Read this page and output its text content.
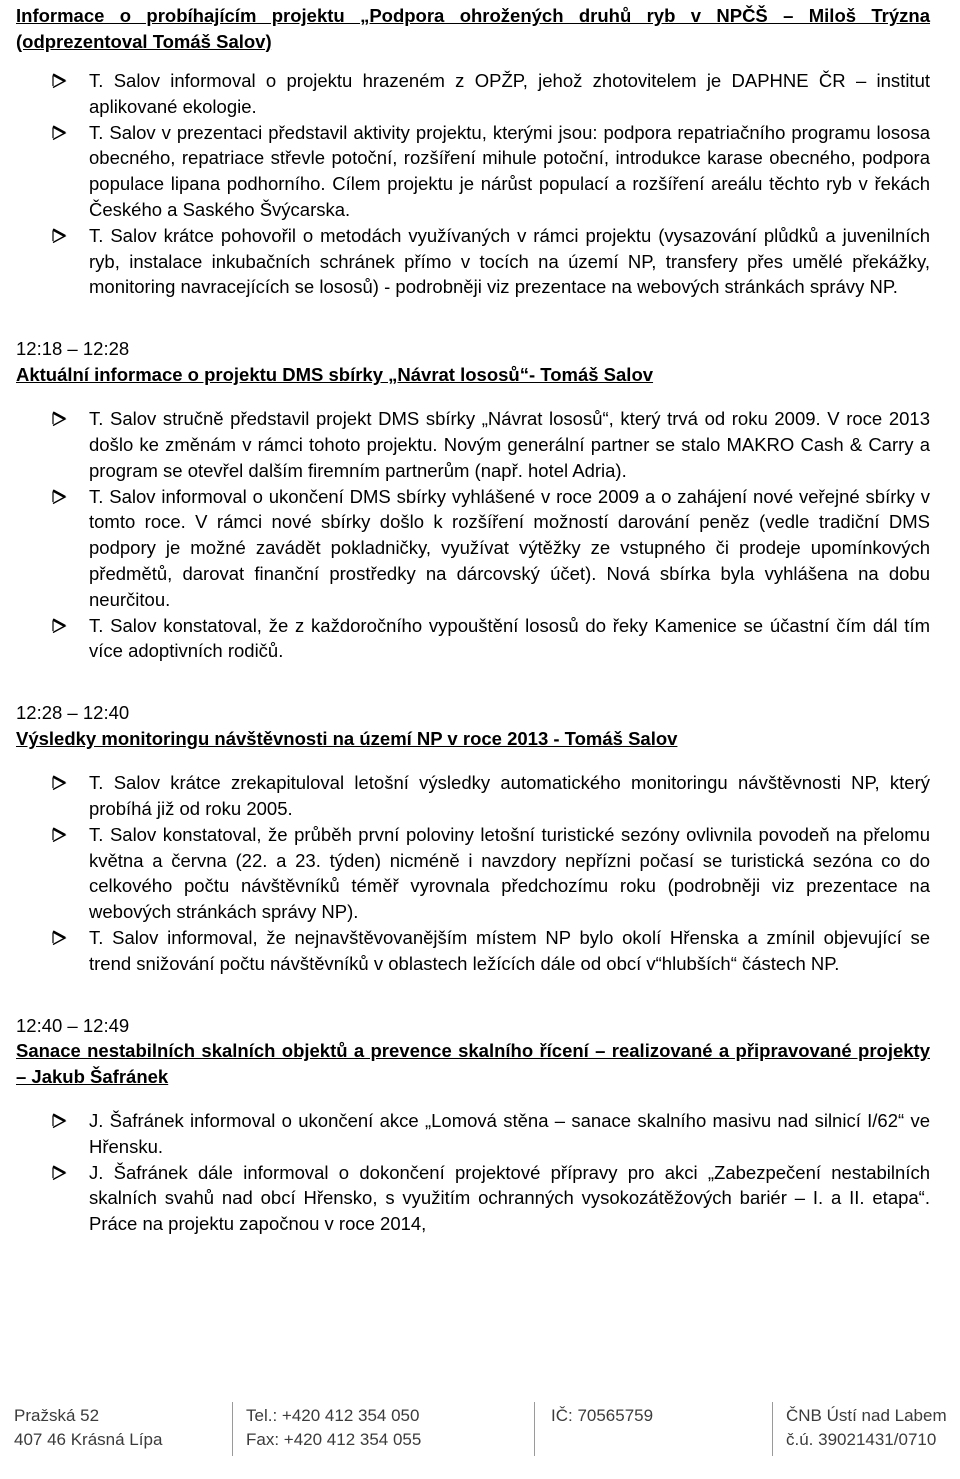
Informace o probíhajícím projektu „Podpora ohrožených druhů ryb v NPČŠ – Miloš Trýzna (odprezentoval Tomáš Salov)
T. Salov informoval o projektu hrazeném z OPŽP, jehož zhotovitelem je DAPHNE ČR – institut aplikované ekologie.
T. Salov v prezentaci představil aktivity projektu, kterými jsou: podpora repatriačního programu lososa obecného, repatriace střevle potoční, rozšíření mihule potoční, introdukce karase obecného, podpora populace lipana podhorního. Cílem projektu je nárůst populací a rozšíření areálu těchto ryb v řekách Českého a Saského Švýcarska.
T. Salov krátce pohovořil o metodách využívaných v rámci projektu (vysazování plůdků a juvenilních ryb, instalace inkubačních schránek přímo v tocích na území NP, transfery přes umělé překážky, monitoring navracejících se lososů) - podrobněji viz prezentace na webových stránkách správy NP.
12:18 – 12:28
Aktuální informace o projektu DMS sbírky „Návrat lososů“- Tomáš Salov
T. Salov stručně představil projekt DMS sbírky „Návrat lososů“, který trvá od roku 2009. V roce 2013 došlo ke změnám v rámci tohoto projektu. Novým generální partner se stalo MAKRO Cash & Carry a program se otevřel dalším firemním partnerům (např. hotel Adria).
T. Salov informoval o ukončení DMS sbírky vyhlášené v roce 2009 a o zahájení nové veřejné sbírky v tomto roce. V rámci nové sbírky došlo k rozšíření možností darování peněz (vedle tradiční DMS podpory je možné zavádět pokladničky, využívat výtěžky ze vstupného či prodeje upomínkových předmětů, darovat finanční prostředky na dárcovský účet). Nová sbírka byla vyhlášena na dobu neurčitou.
T. Salov konstatoval, že z každoročního vypouštění lososů do řeky Kamenice se účastní čím dál tím více adoptivních rodičů.
12:28 – 12:40
Výsledky monitoringu návštěvnosti na území NP v roce 2013 - Tomáš Salov
T. Salov krátce zrekapituloval letošní výsledky automatického monitoringu návštěvnosti NP, který probíhá již od roku 2005.
T. Salov konstatoval, že průběh první poloviny letošní turistické sezóny ovlivnila povodeň na přelomu května a června (22. a 23. týden) nicméně i navzdory nepřízni počasí se turistická sezóna co do celkového počtu návštěvníků téměř vyrovnala předchozímu roku (podrobněji viz prezentace na webových stránkách správy NP).
T. Salov informoval, že nejnavštěvovanějším místem NP bylo okolí Hřenska a zmínil objevující se trend snižování počtu návštěvníků v oblastech ležících dále od obcí v“hlubších“ částech NP.
12:40 – 12:49
Sanace nestabilních skalních objektů a prevence skalního řícení – realizované a připravované projekty – Jakub Šafránek
J. Šafránek informoval o ukončení akce „Lomová stěna – sanace skalního masivu nad silnicí I/62“ ve Hřensku.
J. Šafránek dále informoval o dokončení projektové přípravy pro akci „Zabezpečení nestabilních skalních svahů nad obcí Hřensko, s využitím ochranných vysokozátěžových bariér – I. a II. etapa“. Práce na projektu započnou v roce 2014,
Pražská 52
407 46 Krásná Lípa
Tel.: +420 412 354 050
Fax: +420 412 354 055
IČ: 70565759	ČNB Ústí nad Labem
č.ú. 39021431/0710
